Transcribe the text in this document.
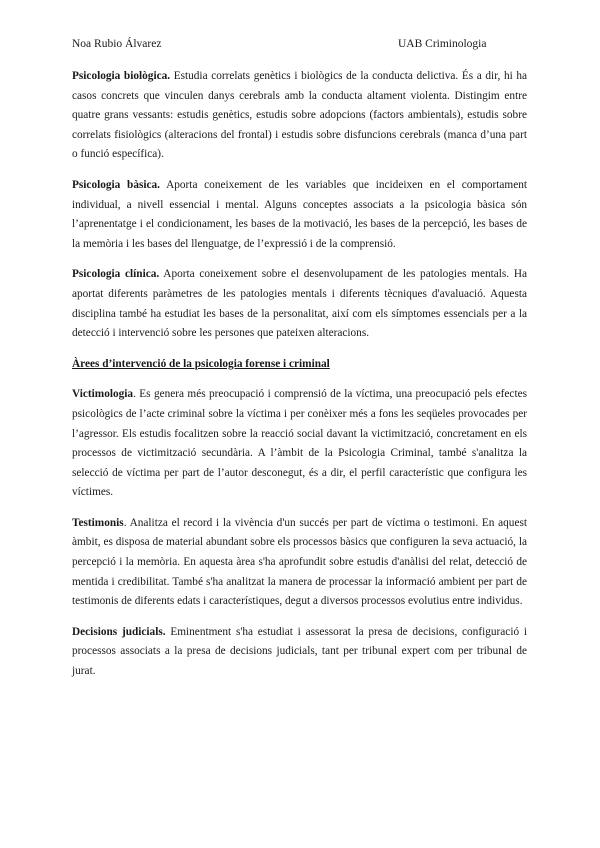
Noa Rubio Álvarez	UAB Criminologia

Psicologia biològica. Estudia correlats genètics i biològics de la conducta delictiva. És a dir, hi ha casos concrets que vinculen danys cerebrals amb la conducta altament violenta. Distingim entre quatre grans vessants: estudis genètics, estudis sobre adopcions (factors ambientals), estudis sobre correlats fisiològics (alteracions del frontal) i estudis sobre disfuncions cerebrals (manca d’una part o funció específica).

Psicologia bàsica. Aporta coneixement de les variables que incideixen en el comportament individual, a nivell essencial i mental. Alguns conceptes associats a la psicologia bàsica són l’aprenentatge i el condicionament, les bases de la motivació, les bases de la percepció, les bases de la memòria i les bases del llenguatge, de l’expressió i de la comprensió.

Psicologia clínica. Aporta coneixement sobre el desenvolupament de les patologies mentals. Ha aportat diferents paràmetres de les patologies mentals i diferents tècniques d'avaluació. Aquesta disciplina també ha estudiat les bases de la personalitat, així com els símptomes essencials per a la detecció i intervenció sobre les persones que pateixen alteracions.

Àrees d’intervenció de la psicologia forense i criminal

Victimologia. Es genera més preocupació i comprensió de la víctima, una preocupació pels efectes psicològics de l’acte criminal sobre la víctima i per conèixer més a fons les seqüeles provocades per l’agressor. Els estudis focalitzen sobre la reacció social davant la victimització, concretament en els processos de victimització secundària. A l’àmbit de la Psicologia Criminal, també s'analitza la selecció de víctima per part de l’autor desconegut, és a dir, el perfil característic que configura les víctimes.

Testimonis. Analitza el record i la vivència d'un succés per part de víctima o testimoni. En aquest àmbit, es disposa de material abundant sobre els processos bàsics que configuren la seva actuació, la percepció i la memòria. En aquesta àrea s'ha aprofundit sobre estudis d'anàlisi del relat, detecció de mentida i credibilitat. També s'ha analitzat la manera de processar la informació ambient per part de testimonis de diferents edats i característiques, degut a diversos processos evolutius entre individus.

Decisions judicials. Eminentment s'ha estudiat i assessorat la presa de decisions, configuració i processos associats a la presa de decisions judicials, tant per tribunal expert com per tribunal de jurat.
